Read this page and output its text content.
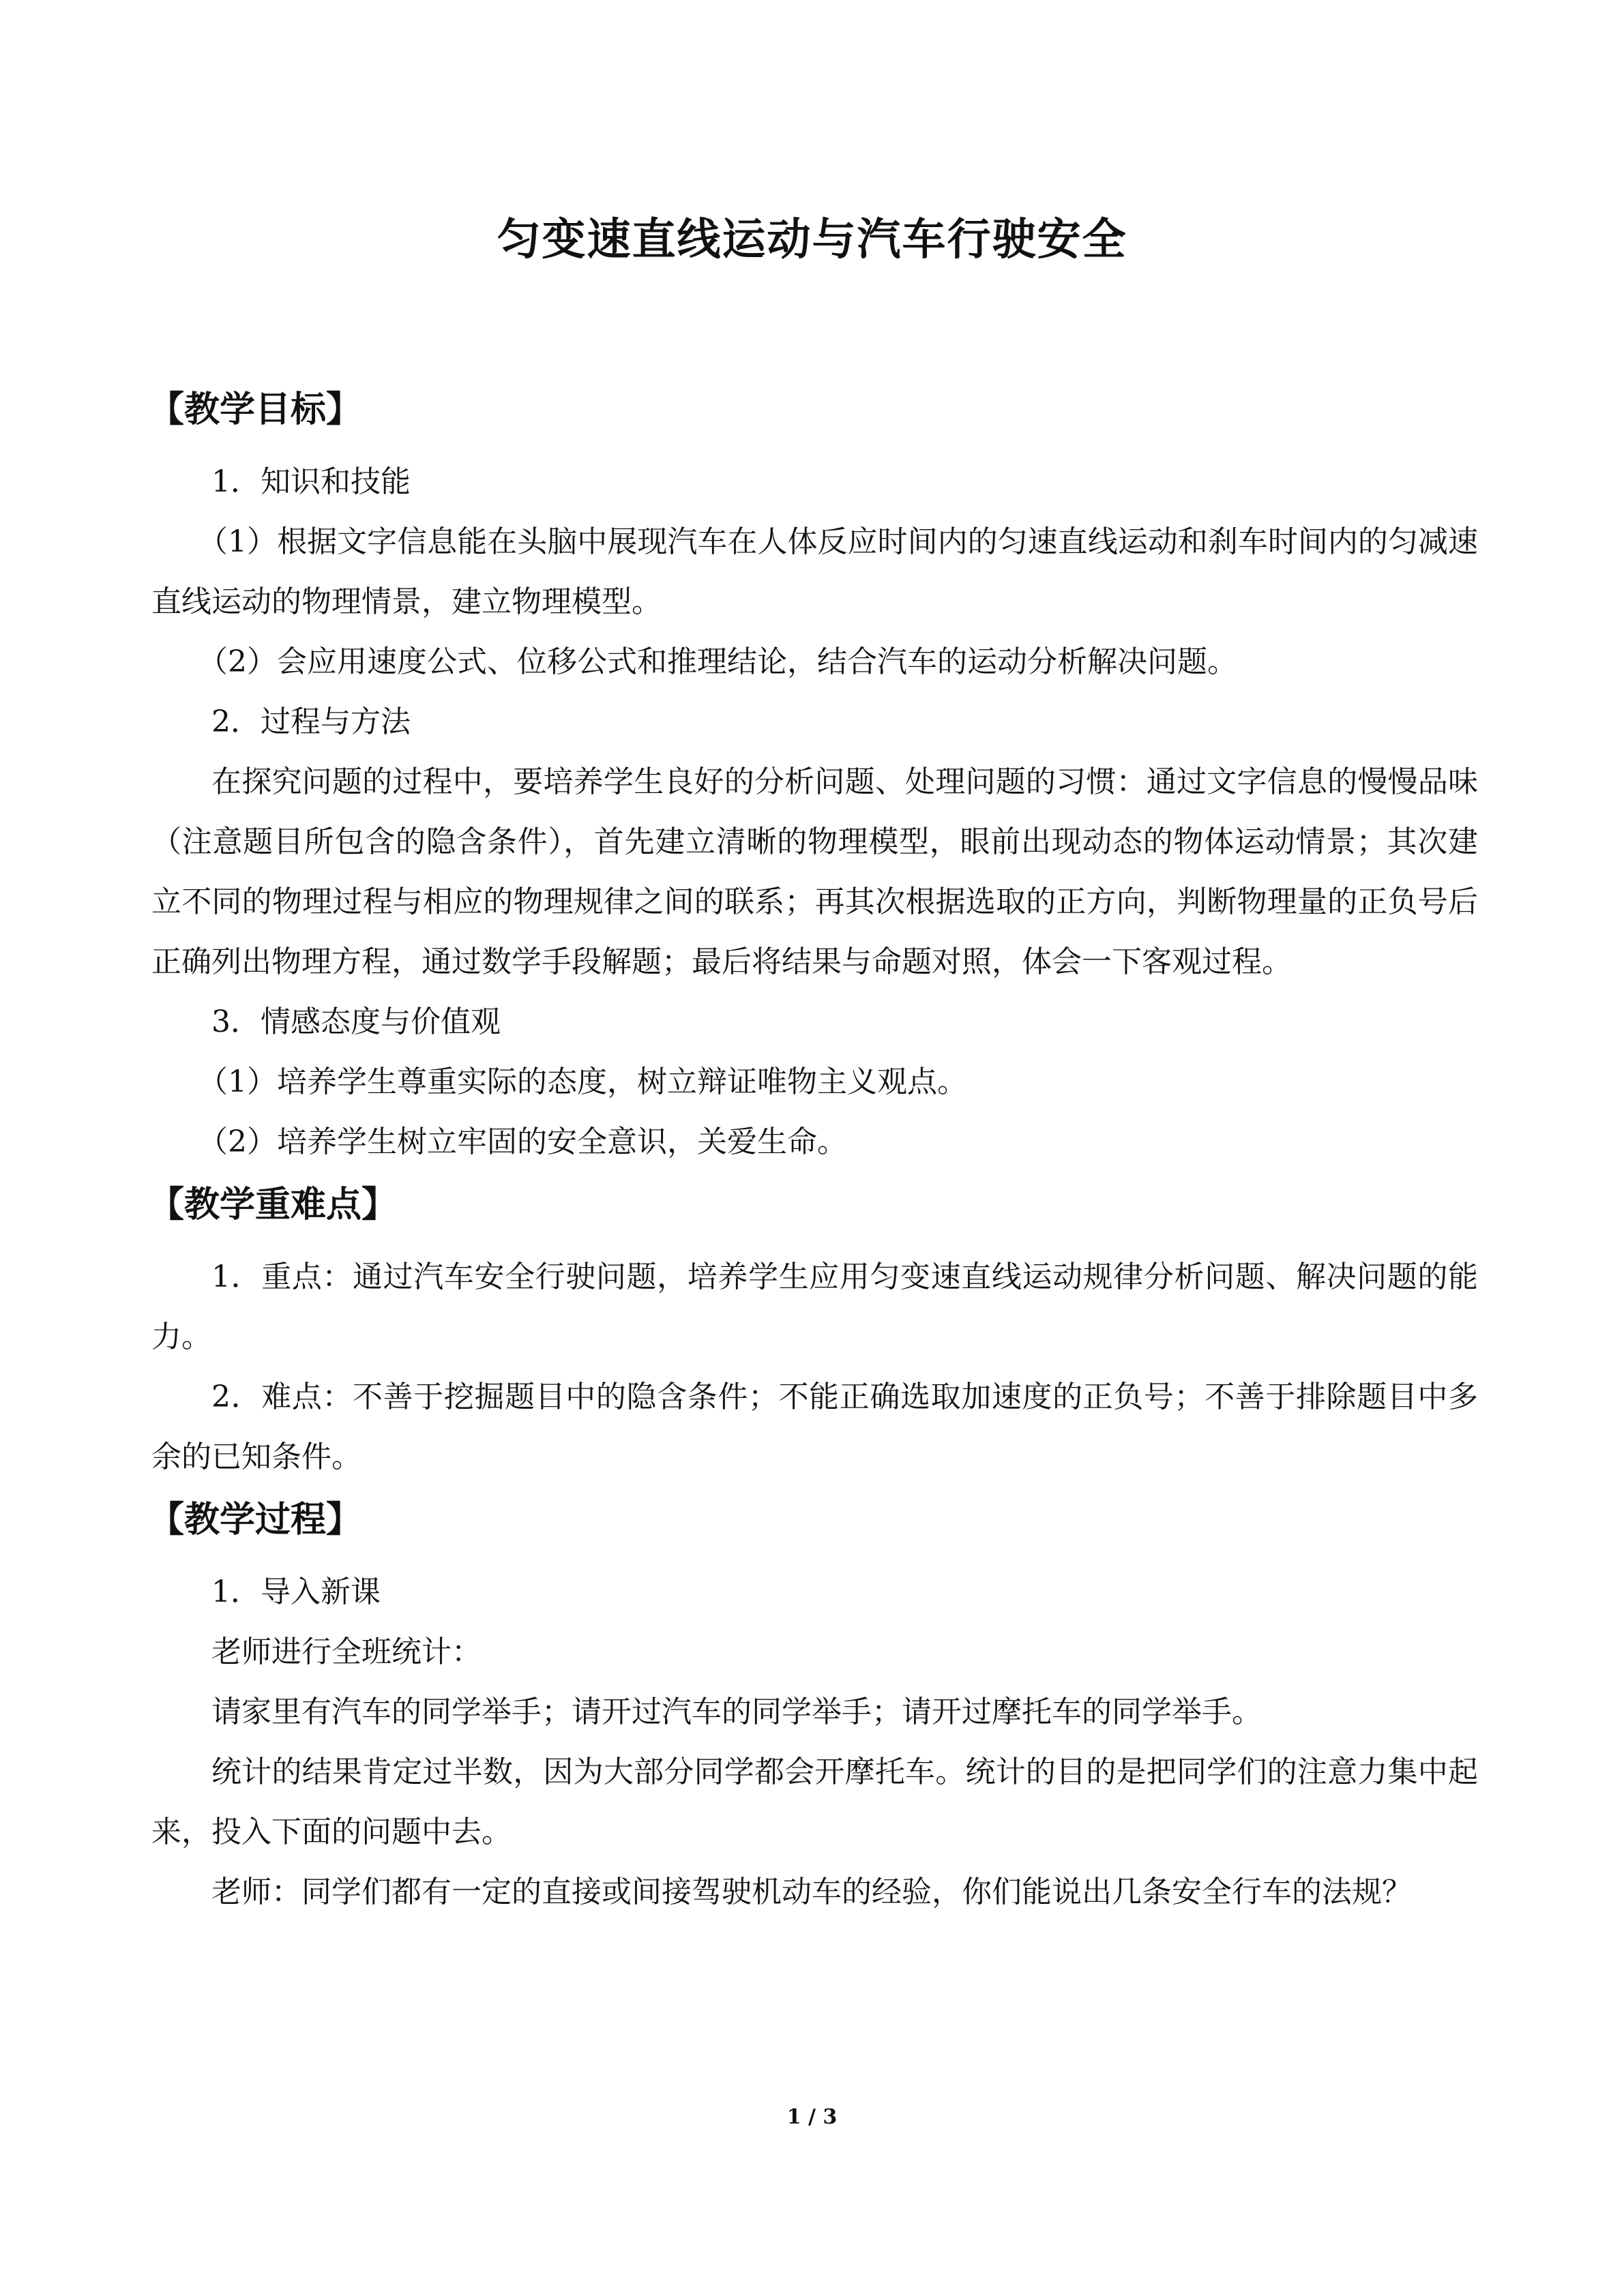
匀变速直线运动与汽车行驶安全

【教学目标】

1．知识和技能

（1）根据文字信息能在头脑中展现汽车在人体反应时间内的匀速直线运动和刹车时间内的匀减速直线运动的物理情景，建立物理模型。

（2）会应用速度公式、位移公式和推理结论，结合汽车的运动分析解决问题。

2．过程与方法

在探究问题的过程中，要培养学生良好的分析问题、处理问题的习惯：通过文字信息的慢慢品味（注意题目所包含的隐含条件），首先建立清晰的物理模型，眼前出现动态的物体运动情景；其次建立不同的物理过程与相应的物理规律之间的联系；再其次根据选取的正方向，判断物理量的正负号后正确列出物理方程，通过数学手段解题；最后将结果与命题对照，体会一下客观过程。

3．情感态度与价值观

（1）培养学生尊重实际的态度，树立辩证唯物主义观点。

（2）培养学生树立牢固的安全意识，关爱生命。

【教学重难点】

1．重点：通过汽车安全行驶问题，培养学生应用匀变速直线运动规律分析问题、解决问题的能力。

2．难点：不善于挖掘题目中的隐含条件；不能正确选取加速度的正负号；不善于排除题目中多余的已知条件。

【教学过程】

1．导入新课

老师进行全班统计：

请家里有汽车的同学举手；请开过汽车的同学举手；请开过摩托车的同学举手。

统计的结果肯定过半数，因为大部分同学都会开摩托车。统计的目的是把同学们的注意力集中起来，投入下面的问题中去。

老师：同学们都有一定的直接或间接驾驶机动车的经验，你们能说出几条安全行车的法规？

1 / 3
